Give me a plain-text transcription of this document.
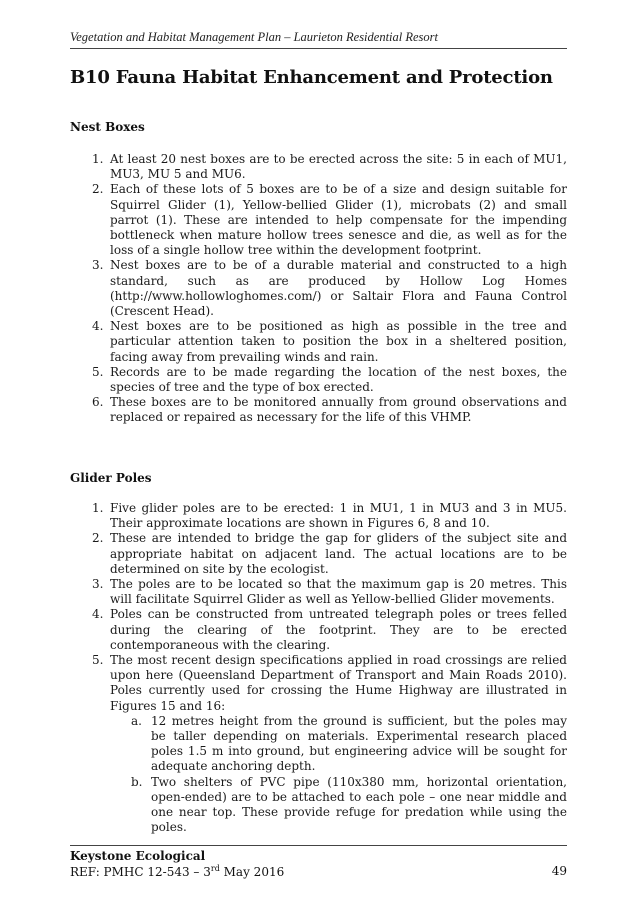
Vegetation and Habitat Management Plan – Laurieton Residential Resort
B10 Fauna Habitat Enhancement and Protection
Nest Boxes
1. At least 20 nest boxes are to be erected across the site: 5 in each of MU1, MU3, MU 5 and MU6.
2. Each of these lots of 5 boxes are to be of a size and design suitable for Squirrel Glider (1), Yellow-bellied Glider (1), microbats (2) and small parrot (1). These are intended to help compensate for the impending bottleneck when mature hollow trees senesce and die, as well as for the loss of a single hollow tree within the development footprint.
3. Nest boxes are to be of a durable material and constructed to a high standard, such as are produced by Hollow Log Homes (http://www.hollowloghomes.com/) or Saltair Flora and Fauna Control (Crescent Head).
4. Nest boxes are to be positioned as high as possible in the tree and particular attention taken to position the box in a sheltered position, facing away from prevailing winds and rain.
5. Records are to be made regarding the location of the nest boxes, the species of tree and the type of box erected.
6. These boxes are to be monitored annually from ground observations and replaced or repaired as necessary for the life of this VHMP.
Glider Poles
1. Five glider poles are to be erected: 1 in MU1, 1 in MU3 and 3 in MU5. Their approximate locations are shown in Figures 6, 8 and 10.
2. These are intended to bridge the gap for gliders of the subject site and appropriate habitat on adjacent land. The actual locations are to be determined on site by the ecologist.
3. The poles are to be located so that the maximum gap is 20 metres. This will facilitate Squirrel Glider as well as Yellow-bellied Glider movements.
4. Poles can be constructed from untreated telegraph poles or trees felled during the clearing of the footprint. They are to be erected contemporaneous with the clearing.
5. The most recent design specifications applied in road crossings are relied upon here (Queensland Department of Transport and Main Roads 2010). Poles currently used for crossing the Hume Highway are illustrated in Figures 15 and 16:
a. 12 metres height from the ground is sufficient, but the poles may be taller depending on materials. Experimental research placed poles 1.5 m into ground, but engineering advice will be sought for adequate anchoring depth.
b. Two shelters of PVC pipe (110x380 mm, horizontal orientation, open-ended) are to be attached to each pole – one near middle and one near top. These provide refuge for predation while using the poles.
Keystone Ecological
REF: PMHC 12-543 – 3rd May 2016	49
